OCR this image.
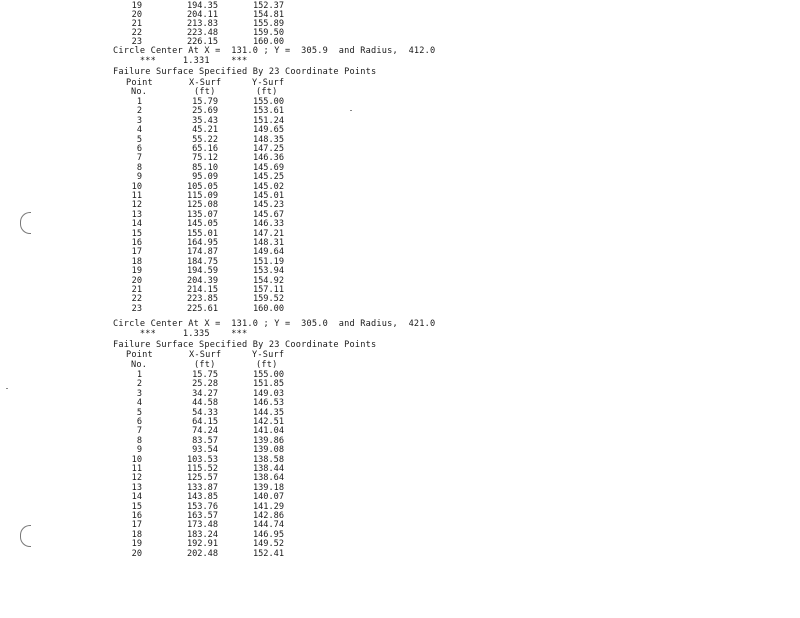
19	194.35	152.37
20	204.11	154.81
21	213.83	155.89
22	223.48	159.50
23	226.15	160.00
Circle Center At X =  131.0 ; Y =  305.9  and Radius,  412.0
***     1.331    ***
Failure Surface Specified By 23 Coordinate Points
Point	X-Surf	Y-Surf
No.	(ft)	(ft)
1	15.79	155.00
2	25.69	153.61
3	35.43	151.24
4	45.21	149.65
5	55.22	148.35
6	65.16	147.25
7	75.12	146.36
8	85.10	145.69
9	95.09	145.25
10	105.05	145.02
11	115.09	145.01
12	125.08	145.23
13	135.07	145.67
14	145.05	146.33
15	155.01	147.21
16	164.95	148.31
17	174.87	149.64
18	184.75	151.19
19	194.59	153.94
20	204.39	154.92
21	214.15	157.11
22	223.85	159.52
23	225.61	160.00
Circle Center At X =  131.0 ; Y =  305.0  and Radius,  421.0
***     1.335    ***
Failure Surface Specified By 23 Coordinate Points
Point	X-Surf	Y-Surf
No.	(ft)	(ft)
1	15.75	155.00
2	25.28	151.85
3	34.27	149.03
4	44.58	146.53
5	54.33	144.35
6	64.15	142.51
7	74.24	141.04
8	83.57	139.86
9	93.54	139.08
10	103.53	138.58
11	115.52	138.44
12	125.57	138.64
13	133.87	139.18
14	143.85	140.07
15	153.76	141.29
16	163.57	142.86
17	173.48	144.74
18	183.24	146.95
19	192.91	149.52
20	202.48	152.41
